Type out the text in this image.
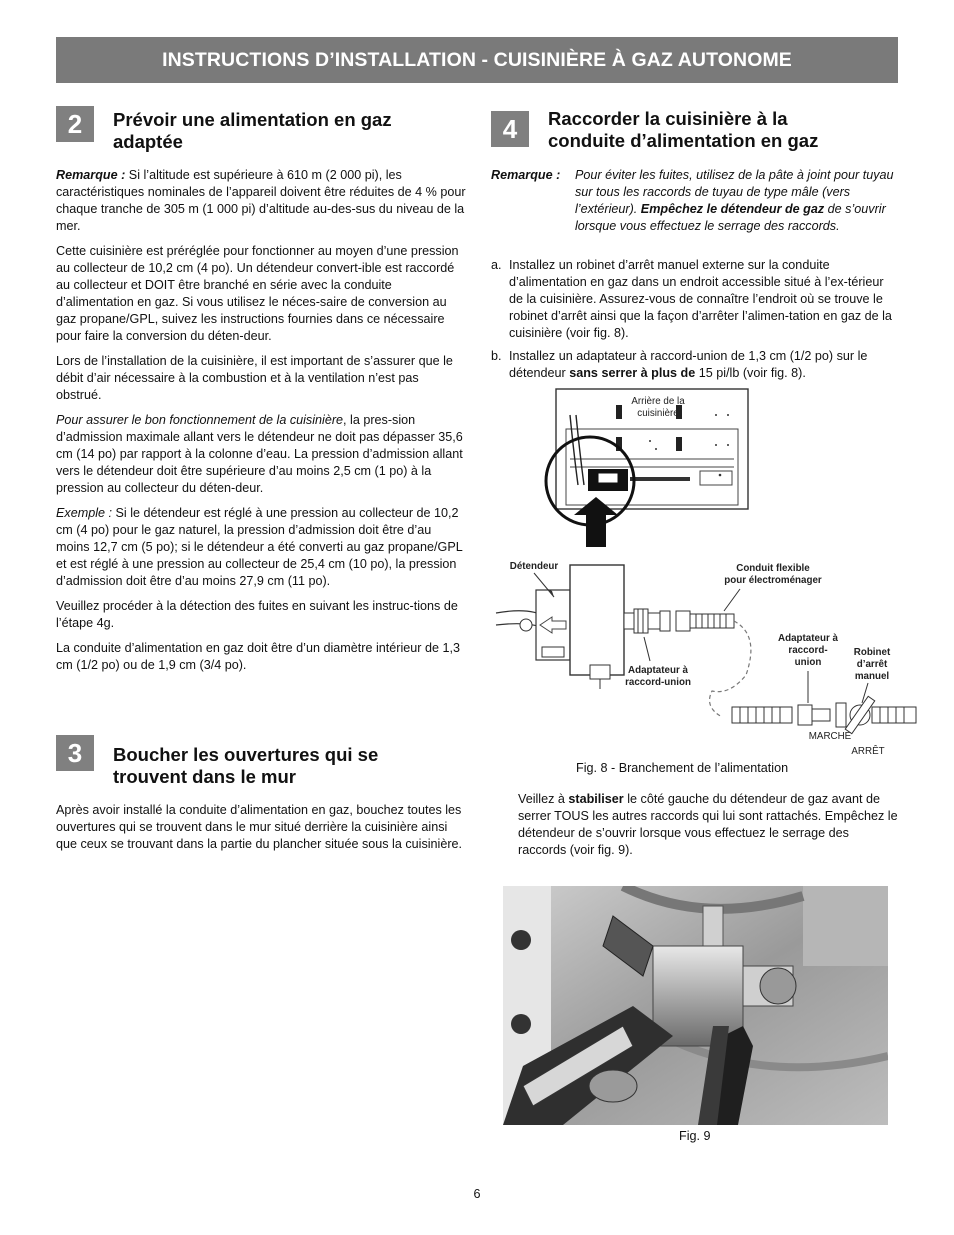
INSTRUCTIONS D’INSTALLATION - CUISINIÈRE À GAZ AUTONOME
2	Prévoir une alimentation en gaz
adaptée

Remarque : Si l’altitude est supérieure à 610 m (2 000 pi), les caractéristiques nominales de l’appareil doivent être réduites de 4 % pour chaque tranche de 305 m (1 000 pi) d’altitude au-des-sus du niveau de la mer.

Cette cuisinière est préréglée pour fonctionner au moyen d’une pression au collecteur de 10,2 cm (4 po). Un détendeur convert-ible est raccordé au collecteur et DOIT être branché en série avec la conduite d’alimentation en gaz. Si vous utilisez le néces-saire de conversion au gaz propane/GPL, suivez les instructions fournies dans ce nécessaire pour faire la conversion du déten-deur.

Lors de l’installation de la cuisinière, il est important de s’assurer que le débit d’air nécessaire à la combustion et à la ventilation n’est pas obstrué.

Pour assurer le bon fonctionnement de la cuisinière, la pres-sion d’admission maximale allant vers le détendeur ne doit pas dépasser 35,6 cm (14 po) par rapport à la colonne d’eau. La pression d’admission allant vers le détendeur doit être supérieure d’au moins 2,5 cm (1 po) à la pression au collecteur du déten-deur.

Exemple : Si le détendeur est réglé à une pression au collecteur de 10,2 cm (4 po) pour le gaz naturel, la pression d’admission doit être d’au moins 12,7 cm (5 po); si le détendeur a été converti au gaz propane/GPL et est réglé à une pression au collecteur de 25,4 cm (10 po), la pression d’admission doit être d’au moins 27,9 cm (11 po).

Veuillez procéder à la détection des fuites en suivant les instruc-tions de l’étape 4g.

La conduite d’alimentation en gaz doit être d’un diamètre intérieur de 1,3 cm (1/2 po) ou de 1,9 cm (3/4 po).

3	Boucher les ouvertures qui se
trouvent dans le mur

Après avoir installé la conduite d’alimentation en gaz, bouchez toutes les ouvertures qui se trouvent dans le mur situé derrière la cuisinière ainsi que ceux se trouvant dans la partie du plancher située sous la cuisinière.

4	Raccorder la cuisinière à la
conduite d’alimentation en gaz
Remarque :	Pour éviter les fuites, utilisez de la pâte à joint pour tuyau sur tous les raccords de tuyau de type mâle (vers l’extérieur). Empêchez le détendeur de gaz de s’ouvrir lorsque vous effectuez le serrage des raccords.
a. Installez un robinet d’arrêt manuel externe sur la conduite d’alimentation en gaz dans un endroit accessible situé à l’ex-térieur de la cuisinière. Assurez-vous de connaître l’endroit où se trouve le robinet d’arrêt ainsi que la façon d’arrêter l’alimen-tation en gaz de la cuisinière (voir fig. 8).
b. Installez un adaptateur à raccord-union de 1,3 cm (1/2 po) sur le détendeur sans serrer à plus de 15 pi/lb (voir fig. 8).
Arrière de la
cuisinière
Détendeur
Adaptateur à
raccord-union
Conduit flexible
pour électroménager
Adaptateur à
raccord-
union
Robinet
d’arrêt
manuel
MARCHE
ARRÊT
Fig. 8 - Branchement de l’alimentation

Veillez à stabiliser le côté gauche du détendeur de gaz avant de serrer TOUS les autres raccords qui lui sont rattachés. Empêchez le détendeur de s’ouvrir lorsque vous effectuez le serrage des raccords (voir fig. 9).

Fig. 9
6
